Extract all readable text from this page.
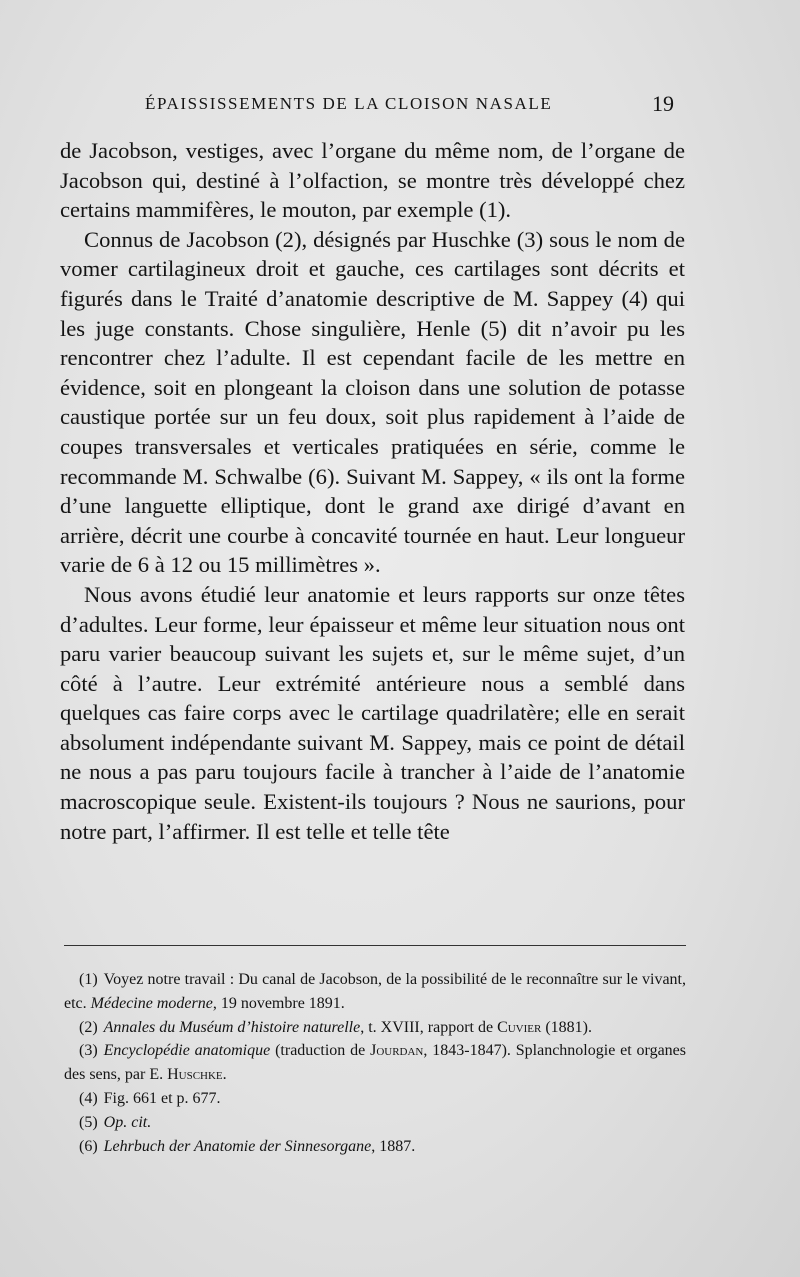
ÉPAISSISSEMENTS DE LA CLOISON NASALE	19

de Jacobson, vestiges, avec l’organe du même nom, de l’organe de Jacobson qui, destiné à l’olfaction, se montre très développé chez certains mammifères, le mouton, par exemple (1).

Connus de Jacobson (2), désignés par Huschke (3) sous le nom de vomer cartilagineux droit et gauche, ces cartilages sont décrits et figurés dans le Traité d’anatomie descriptive de M. Sappey (4) qui les juge constants. Chose singulière, Henle (5) dit n’avoir pu les rencontrer chez l’adulte. Il est cependant facile de les mettre en évidence, soit en plongeant la cloison dans une solution de potasse caustique portée sur un feu doux, soit plus rapidement à l’aide de coupes transversales et verticales pratiquées en série, comme le recommande M. Schwalbe (6). Suivant M. Sappey, « ils ont la forme d’une languette elliptique, dont le grand axe dirigé d’avant en arrière, décrit une courbe à concavité tournée en haut. Leur longueur varie de 6 à 12 ou 15 millimètres ».

Nous avons étudié leur anatomie et leurs rapports sur onze têtes d’adultes. Leur forme, leur épaisseur et même leur situation nous ont paru varier beaucoup suivant les sujets et, sur le même sujet, d’un côté à l’autre. Leur extrémité antérieure nous a semblé dans quelques cas faire corps avec le cartilage quadrilatère; elle en serait absolument indépendante suivant M. Sappey, mais ce point de détail ne nous a pas paru toujours facile à trancher à l’aide de l’anatomie macroscopique seule. Existent-ils toujours ? Nous ne saurions, pour notre part, l’affirmer. Il est telle et telle tête

(1) Voyez notre travail : Du canal de Jacobson, de la possibilité de le reconnaître sur le vivant, etc. Médecine moderne, 19 novembre 1891.

(2) Annales du Muséum d’histoire naturelle, t. XVIII, rapport de Cuvier (1881).

(3) Encyclopédie anatomique (traduction de Jourdan, 1843-1847). Splanchnologie et organes des sens, par E. Huschke.

(4) Fig. 661 et p. 677.

(5) Op. cit.

(6) Lehrbuch der Anatomie der Sinnesorgane, 1887.
